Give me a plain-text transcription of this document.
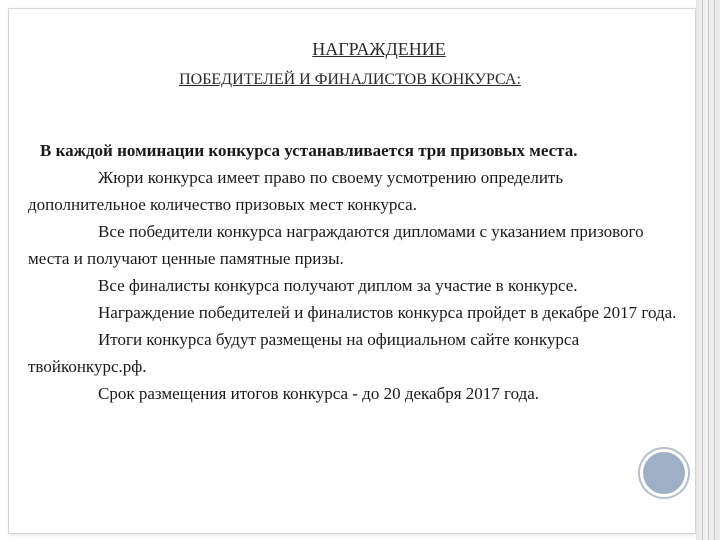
НАГРАЖДЕНИЕ
ПОБЕДИТЕЛЕЙ И ФИНАЛИСТОВ КОНКУРСА:

В каждой номинации конкурса устанавливается три призовых места.

Жюри конкурса имеет право по своему усмотрению определить дополнительное количество призовых мест конкурса.

Все победители конкурса награждаются дипломами с указанием призового места и получают ценные памятные призы.

Все финалисты конкурса получают диплом за участие в конкурсе.

Награждение победителей и финалистов конкурса пройдет в декабре 2017 года.

Итоги конкурса будут размещены на официальном сайте конкурса твойконкурс.рф.

Срок размещения итогов конкурса - до 20 декабря 2017 года.
